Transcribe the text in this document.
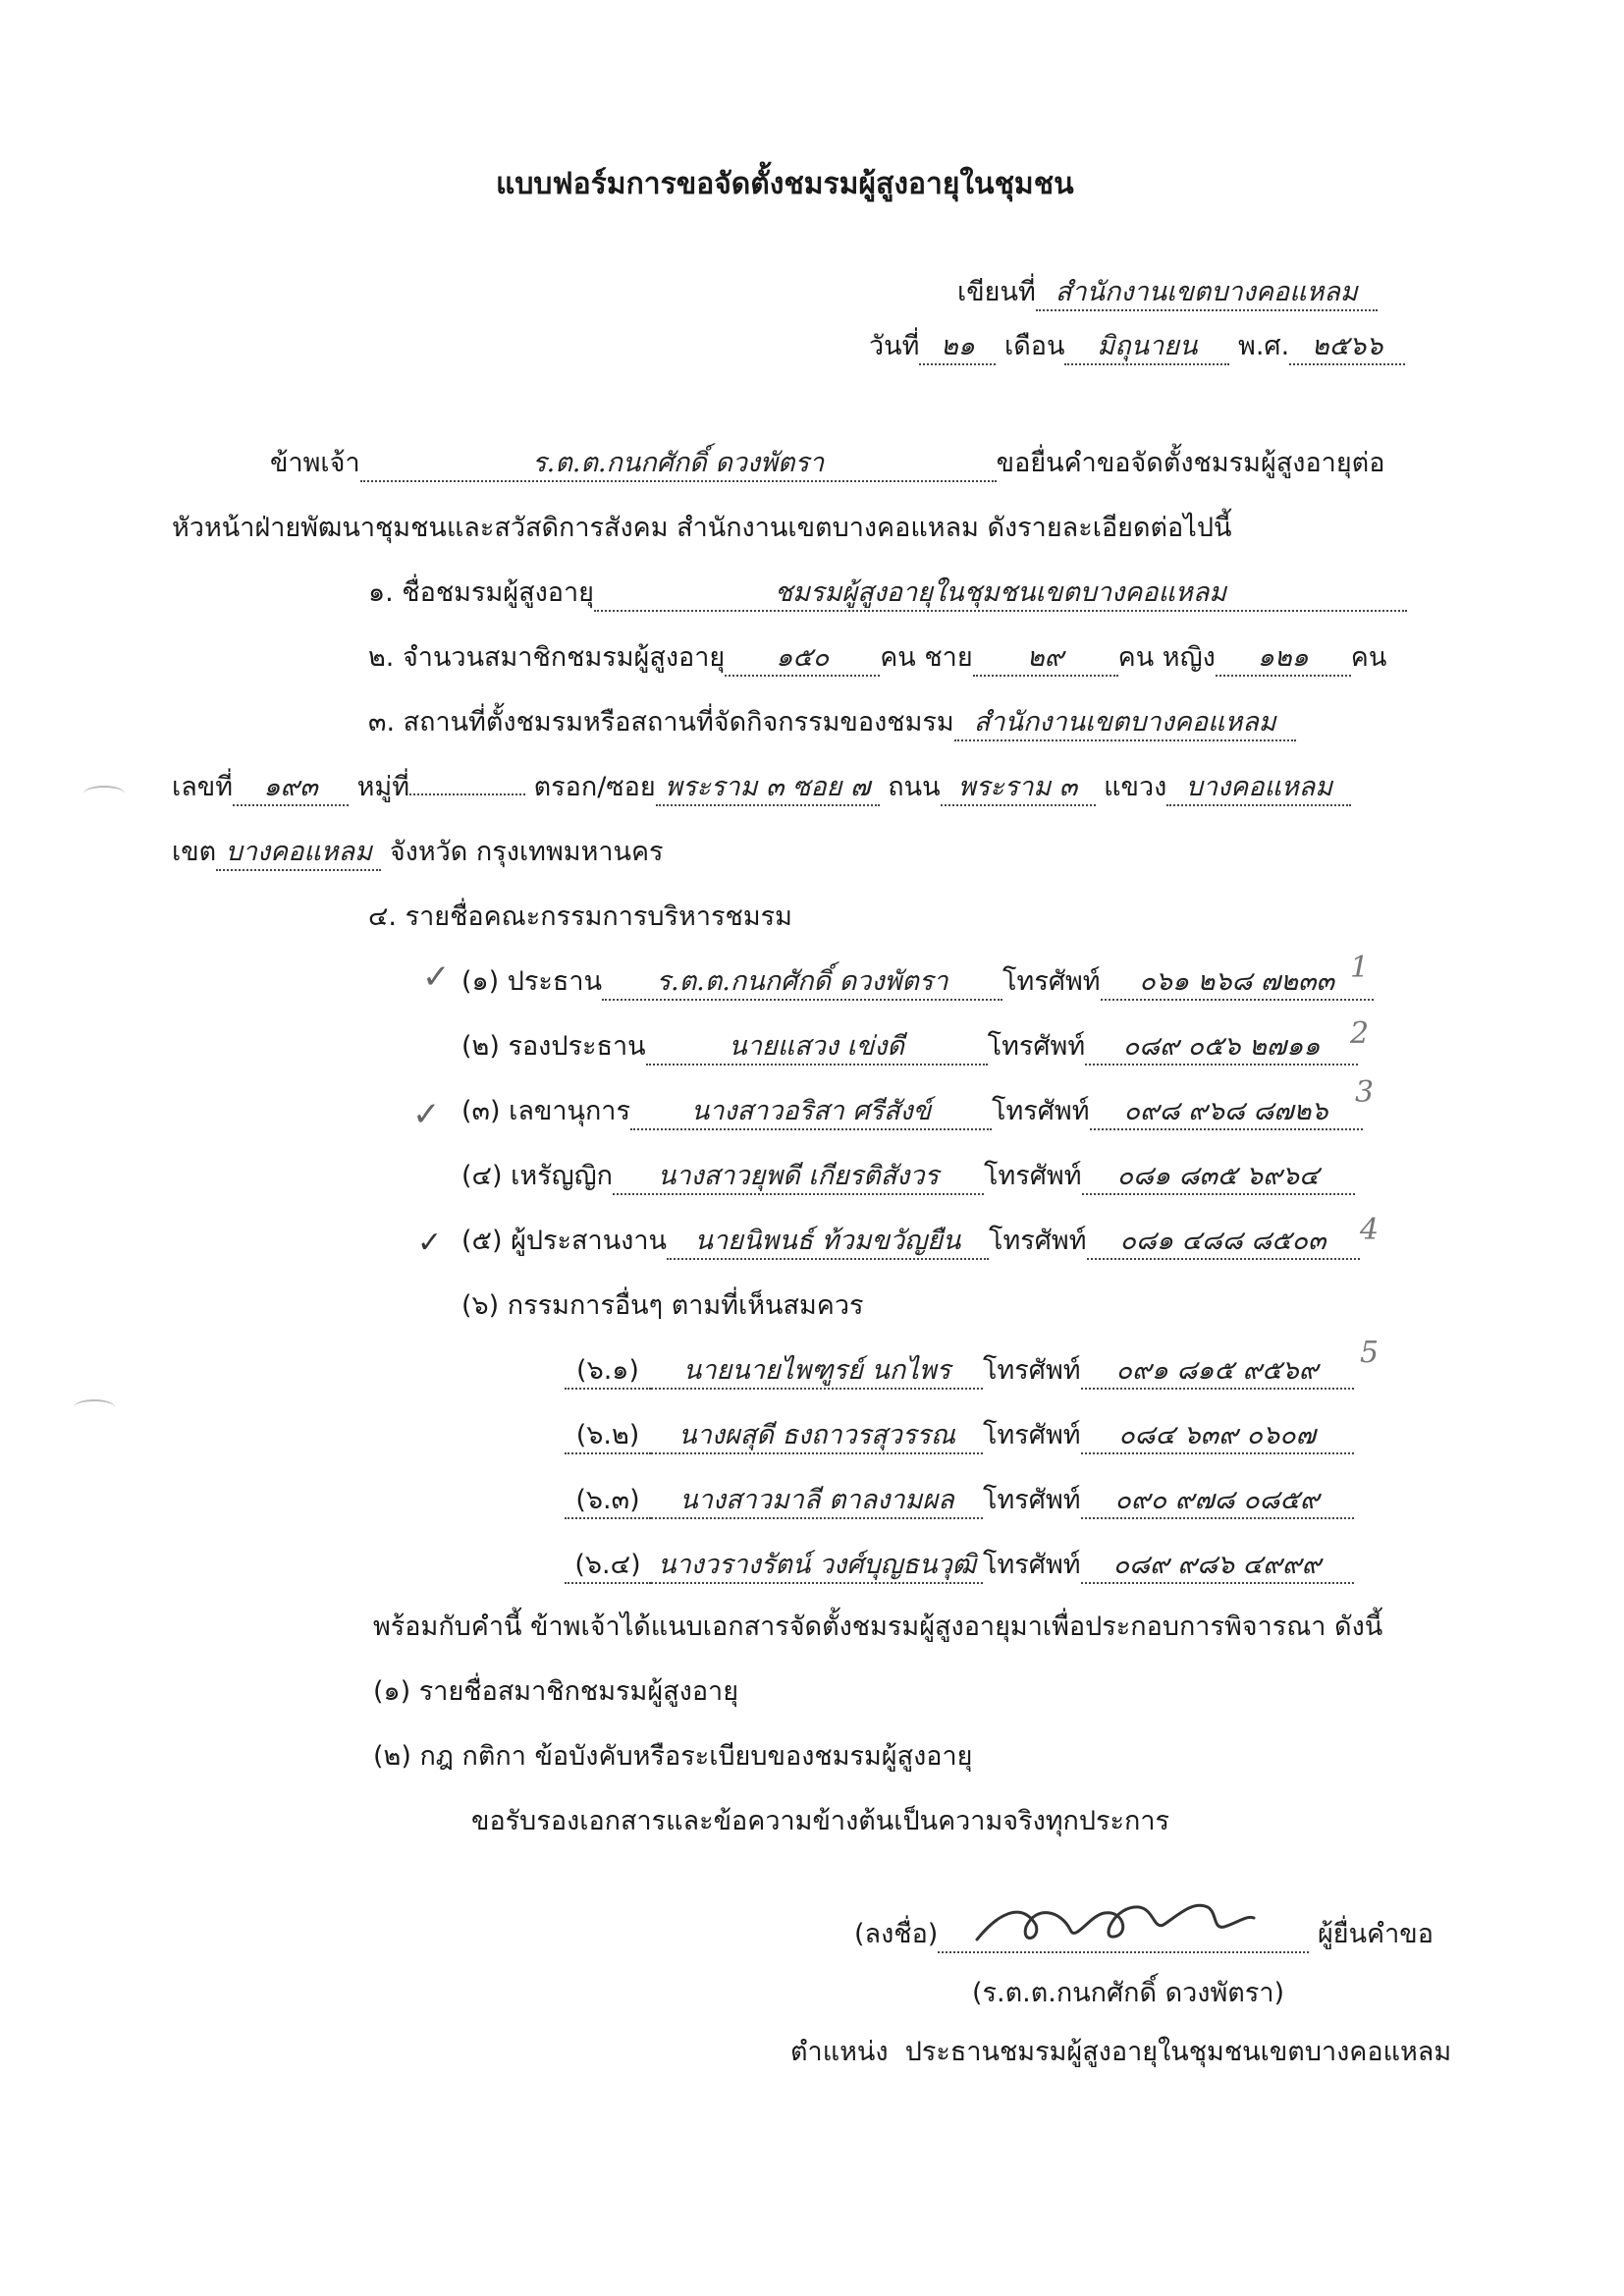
แบบฟอร์มการขอจัดตั้งชมรมผู้สูงอายุในชุมชน
เขียนที่ สำนักงานเขตบางคอแหลม
วันที่ ๒๑ เดือน มิถุนายน พ.ศ. ๒๕๖๖
ข้าพเจ้า	ร.ต.ต.กนกศักดิ์ ดวงพัตรา	ขอยื่นคำขอจัดตั้งชมรมผู้สูงอายุต่อ
หัวหน้าฝ่ายพัฒนาชุมชนและสวัสดิการสังคม สำนักงานเขตบางคอแหลม ดังรายละเอียดต่อไปนี้
๑. ชื่อชมรมผู้สูงอายุ	ชมรมผู้สูงอายุในชุมชนเขตบางคอแหลม
๒. จำนวนสมาชิกชมรมผู้สูงอายุ ๑๕๐ คน ชาย ๒๙ คน หญิง ๑๒๑ คน
๓. สถานที่ตั้งชมรมหรือสถานที่จัดกิจกรรมของชมรม สำนักงานเขตบางคอแหลม
เลขที่ ๑๙๓ หมู่ที่	ตรอก/ซอย พระราม ๓ ซอย ๗ ถนน พระราม ๓ แขวง บางคอแหลม
เขต บางคอแหลม จังหวัด กรุงเทพมหานคร
๔. รายชื่อคณะกรรมการบริหารชมรม
(๑) ประธาน ร.ต.ต.กนกศักดิ์ ดวงพัตรา โทรศัพท์ ๐๖๑ ๒๖๘ ๗๒๓๓
(๒) รองประธาน	นายแสวง เข่งดี	โทรศัพท์ ๐๘๙ ๐๕๖ ๒๗๑๑
(๓) เลขานุการ นางสาวอริสา ศรีสังข์ โทรศัพท์ ๐๙๘ ๙๖๘ ๘๗๒๖
(๔) เหรัญญิก นางสาวยุพดี เกียรติสังวร โทรศัพท์ ๐๘๑ ๘๓๕ ๖๙๖๔
(๕) ผู้ประสานงาน นายนิพนธ์ ท้วมขวัญยืน โทรศัพท์ ๐๘๑ ๔๘๘ ๘๕๐๓
(๖) กรรมการอื่นๆ ตามที่เห็นสมควร
(๖.๑) นายนายไพฑูรย์ นกไพร โทรศัพท์ ๐๙๑ ๘๑๕ ๙๕๖๙
(๖.๒) นางผสุดี ธงถาวรสุวรรณ โทรศัพท์ ๐๘๔ ๖๓๙ ๐๖๐๗
(๖.๓) นางสาวมาลี ตาลงามผล โทรศัพท์ ๐๙๐ ๙๗๘ ๐๘๕๙
(๖.๔) นางวรางรัตน์ วงศ์บุญธนวุฒิ โทรศัพท์ ๐๘๙ ๙๘๖ ๔๙๙๙
✓
✓
✓
1
2
3
4
5
พร้อมกับคำนี้ ข้าพเจ้าได้แนบเอกสารจัดตั้งชมรมผู้สูงอายุมาเพื่อประกอบการพิจารณา ดังนี้
(๑) รายชื่อสมาชิกชมรมผู้สูงอายุ
(๒) กฎ กติกา ข้อบังคับหรือระเบียบของชมรมผู้สูงอายุ
ขอรับรองเอกสารและข้อความข้างต้นเป็นความจริงทุกประการ
(ลงชื่อ)	ผู้ยื่นคำขอ
(ร.ต.ต.กนกศักดิ์ ดวงพัตรา)
ตำแหน่ง ประธานชมรมผู้สูงอายุในชุมชนเขตบางคอแหลม
